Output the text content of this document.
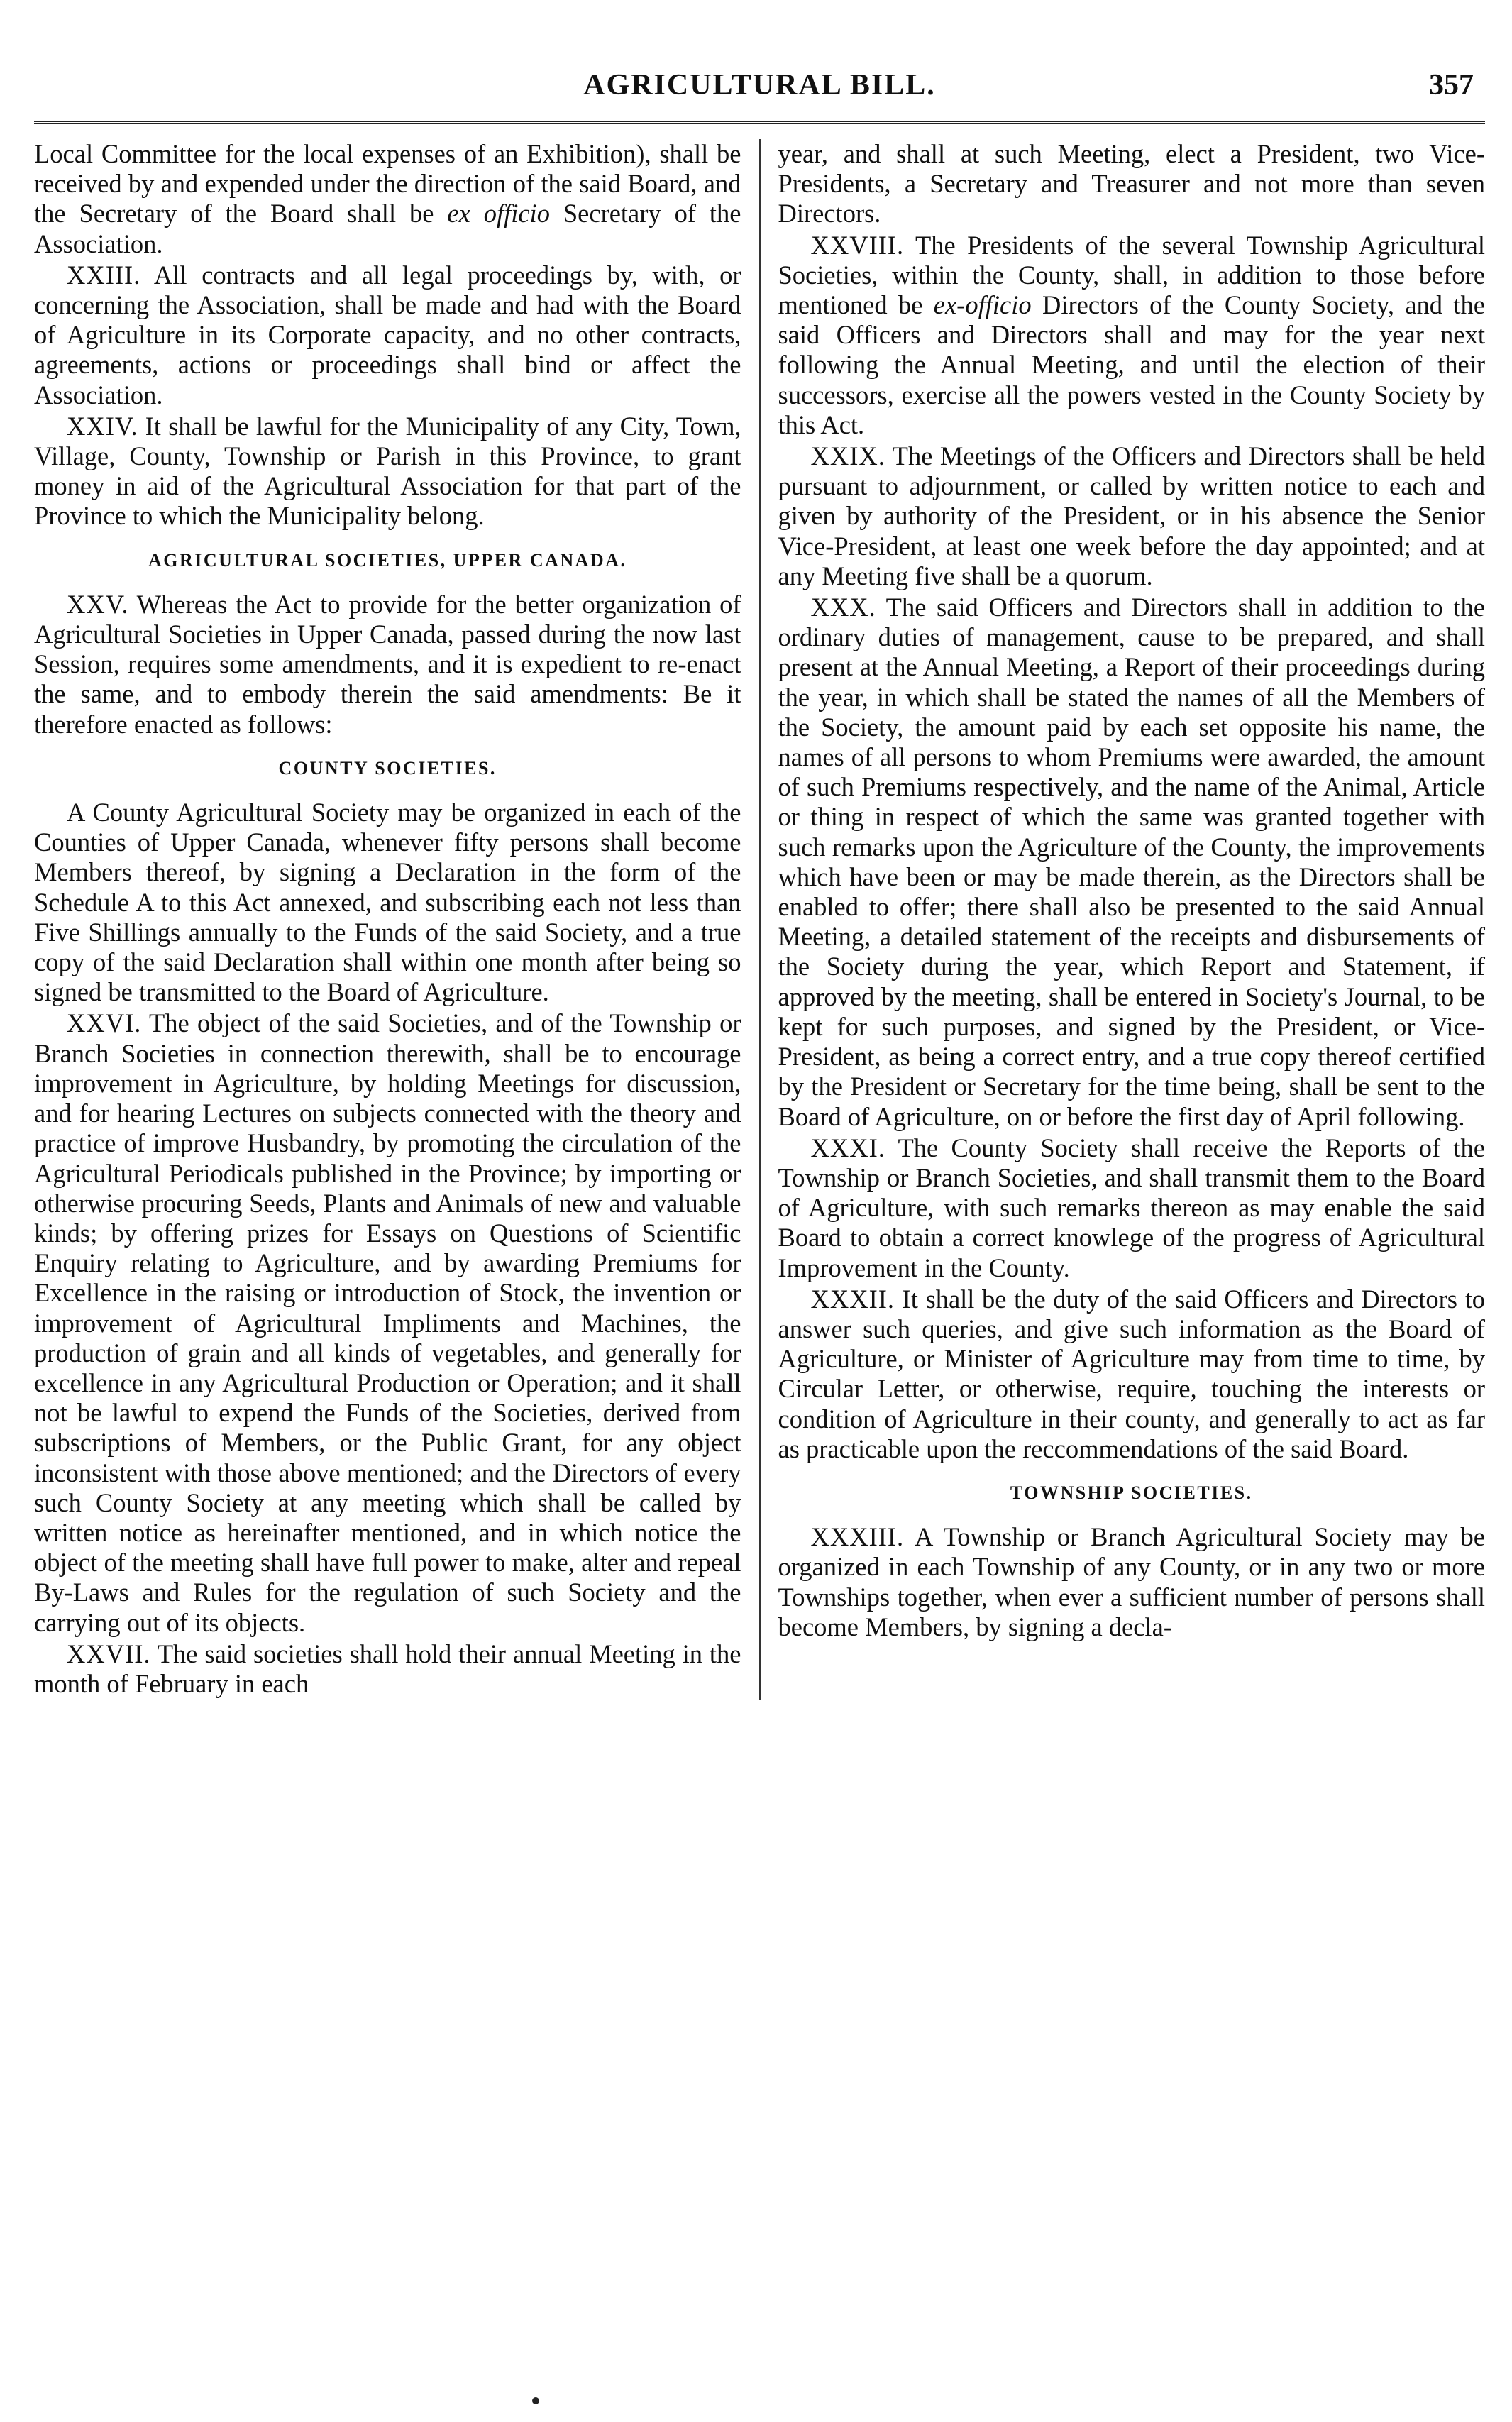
AGRICULTURAL BILL.	357

Local Committee for the local expenses of an Exhibition), shall be received by and expended under the direction of the said Board, and the Secretary of the Board shall be ex officio Secretary of the Association.

XXIII. All contracts and all legal proceedings by, with, or concerning the Association, shall be made and had with the Board of Agriculture in its Corporate capacity, and no other contracts, agreements, actions or proceedings shall bind or affect the Association.

XXIV. It shall be lawful for the Municipality of any City, Town, Village, County, Township or Parish in this Province, to grant money in aid of the Agricultural Association for that part of the Province to which the Municipality belong.

AGRICULTURAL SOCIETIES, UPPER CANADA.

XXV. Whereas the Act to provide for the better organization of Agricultural Societies in Upper Canada, passed during the now last Session, requires some amendments, and it is expedient to re-enact the same, and to embody therein the said amendments: Be it therefore enacted as follows:

COUNTY SOCIETIES.

A County Agricultural Society may be organized in each of the Counties of Upper Canada, whenever fifty persons shall become Members thereof, by signing a Declaration in the form of the Schedule A to this Act annexed, and subscribing each not less than Five Shillings annually to the Funds of the said Society, and a true copy of the said Declaration shall within one month after being so signed be transmitted to the Board of Agriculture.

XXVI. The object of the said Societies, and of the Township or Branch Societies in connection therewith, shall be to encourage improvement in Agriculture, by holding Meetings for discussion, and for hearing Lectures on subjects connected with the theory and practice of improve Husbandry, by promoting the circulation of the Agricultural Periodicals published in the Province; by importing or otherwise procuring Seeds, Plants and Animals of new and valuable kinds; by offering prizes for Essays on Questions of Scientific Enquiry relating to Agriculture, and by awarding Premiums for Excellence in the raising or introduction of Stock, the invention or improvement of Agricultural Impliments and Machines, the production of grain and all kinds of vegetables, and generally for excellence in any Agricultural Production or Operation; and it shall not be lawful to expend the Funds of the Societies, derived from subscriptions of Members, or the Public Grant, for any object inconsistent with those above mentioned; and the Directors of every such County Society at any meeting which shall be called by written notice as hereinafter mentioned, and in which notice the object of the meeting shall have full power to make, alter and repeal By-Laws and Rules for the regulation of such Society and the carrying out of its objects.

XXVII. The said societies shall hold their annual Meeting in the month of February in each

year, and shall at such Meeting, elect a President, two Vice-Presidents, a Secretary and Treasurer and not more than seven Directors.

XXVIII. The Presidents of the several Township Agricultural Societies, within the County, shall, in addition to those before mentioned be ex-officio Directors of the County Society, and the said Officers and Directors shall and may for the year next following the Annual Meeting, and until the election of their successors, exercise all the powers vested in the County Society by this Act.

XXIX. The Meetings of the Officers and Directors shall be held pursuant to adjournment, or called by written notice to each and given by authority of the President, or in his absence the Senior Vice-President, at least one week before the day appointed; and at any Meeting five shall be a quorum.

XXX. The said Officers and Directors shall in addition to the ordinary duties of management, cause to be prepared, and shall present at the Annual Meeting, a Report of their proceedings during the year, in which shall be stated the names of all the Members of the Society, the amount paid by each set opposite his name, the names of all persons to whom Premiums were awarded, the amount of such Premiums respectively, and the name of the Animal, Article or thing in respect of which the same was granted together with such remarks upon the Agriculture of the County, the improvements which have been or may be made therein, as the Directors shall be enabled to offer; there shall also be presented to the said Annual Meeting, a detailed statement of the receipts and disbursements of the Society during the year, which Report and Statement, if approved by the meeting, shall be entered in Society's Journal, to be kept for such purposes, and signed by the President, or Vice-President, as being a correct entry, and a true copy thereof certified by the President or Secretary for the time being, shall be sent to the Board of Agriculture, on or before the first day of April following.

XXXI. The County Society shall receive the Reports of the Township or Branch Societies, and shall transmit them to the Board of Agriculture, with such remarks thereon as may enable the said Board to obtain a correct knowlege of the progress of Agricultural Improvement in the County.

XXXII. It shall be the duty of the said Officers and Directors to answer such queries, and give such information as the Board of Agriculture, or Minister of Agriculture may from time to time, by Circular Letter, or otherwise, require, touching the interests or condition of Agriculture in their county, and generally to act as far as practicable upon the reccommendations of the said Board.

TOWNSHIP SOCIETIES.

XXXIII. A Township or Branch Agricultural Society may be organized in each Township of any County, or in any two or more Townships together, when ever a sufficient number of persons shall become Members, by signing a decla-
